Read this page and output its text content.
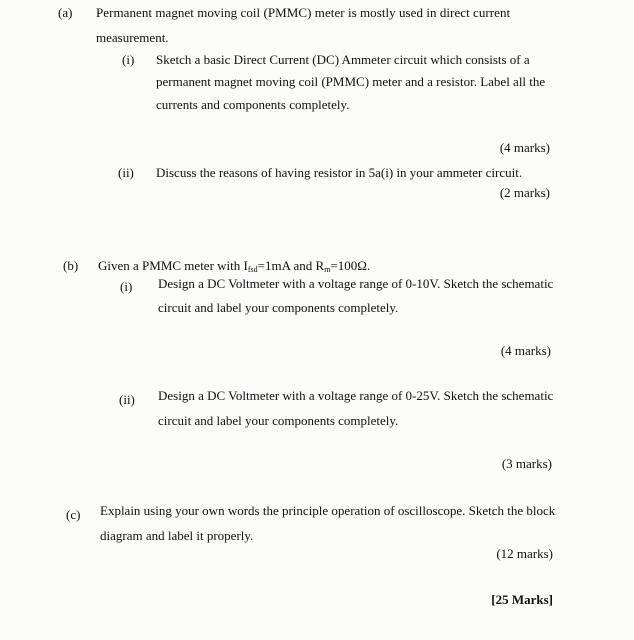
(a) Permanent magnet moving coil (PMMC) meter is mostly used in direct current
measurement.
(i) Sketch a basic Direct Current (DC) Ammeter circuit which consists of a
permanent magnet moving coil (PMMC) meter and a resistor. Label all the
currents and components completely.
(4 marks)
(ii) Discuss the reasons of having resistor in 5a(i) in your ammeter circuit.
(2 marks)
(b) Given a PMMC meter with $I_{fsd}=1mA$ and $R_m=100\Omega$.
(i) Design a DC Voltmeter with a voltage range of 0-10V. Sketch the schematic
circuit and label your components completely.
(4 marks)
(ii) Design a DC Voltmeter with a voltage range of 0-25V. Sketch the schematic
circuit and label your components completely.
(3 marks)
(c) Explain using your own words the principle operation of oscilloscope. Sketch the block
diagram and label it properly.
(12 marks)
[25 Marks]
